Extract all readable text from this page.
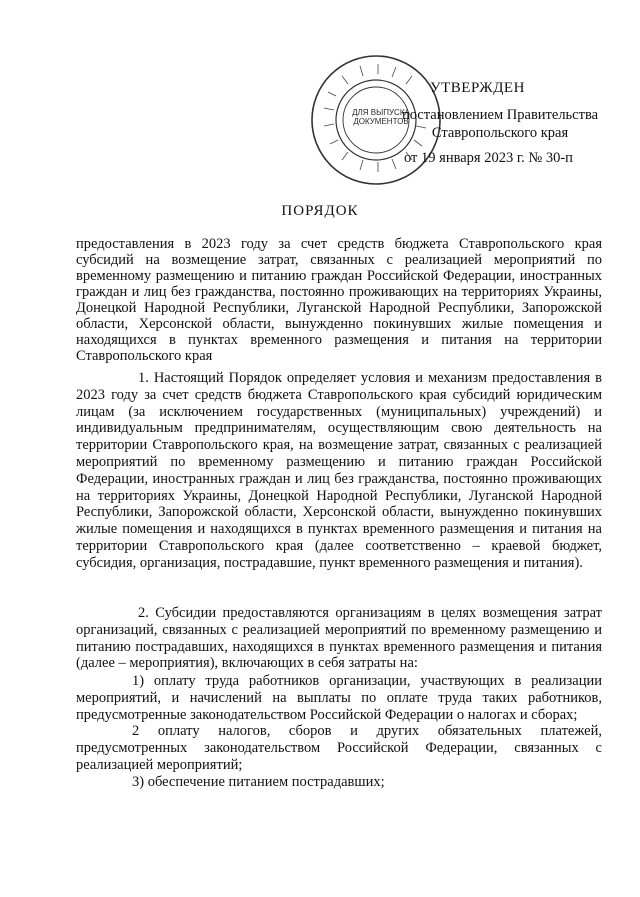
ДЛЯ ВЫПУСКА ДОКУМЕНТОВ
УТВЕРЖДЕН
постановлением Правительства
Ставропольского края
от 19 января 2023 г. № 30-п
ПОРЯДОК
предоставления в 2023 году за счет средств бюджета Ставропольского края субсидий на возмещение затрат, связанных с реализацией мероприятий по временному размещению и питанию граждан Российской Федерации, иностранных граждан и лиц без гражданства, постоянно проживающих на территориях Украины, Донецкой Народной Республики, Луганской Народной Республики, Запорожской области, Херсонской области, вынужденно покинувших жилые помещения и находящихся в пунктах временного размещения и питания на территории Ставропольского края
1. Настоящий Порядок определяет условия и механизм предоставления в 2023 году за счет средств бюджета Ставропольского края субсидий юридическим лицам (за исключением государственных (муниципальных) учреждений) и индивидуальным предпринимателям, осуществляющим свою деятельность на территории Ставропольского края, на возмещение затрат, связанных с реализацией мероприятий по временному размещению и питанию граждан Российской Федерации, иностранных граждан и лиц без гражданства, постоянно проживающих на территориях Украины, Донецкой Народной Республики, Луганской Народной Республики, Запорожской области, Херсонской области, вынужденно покинувших жилые помещения и находящихся в пунктах временного размещения и питания на территории Ставропольского края (далее соответственно – краевой бюджет, субсидия, организация, пострадавшие, пункт временного размещения и питания).
2. Субсидии предоставляются организациям в целях возмещения затрат организаций, связанных с реализацией мероприятий по временному размещению и питанию пострадавших, находящихся в пунктах временного размещения и питания (далее – мероприятия), включающих в себя затраты на:
1) оплату труда работников организации, участвующих в реализации мероприятий, и начислений на выплаты по оплате труда таких работников, предусмотренные законодательством Российской Федерации о налогах и сборах;
2 оплату налогов, сборов и других обязательных платежей, предусмотренных законодательством Российской Федерации, связанных с реализацией мероприятий;
3) обеспечение питанием пострадавших;
